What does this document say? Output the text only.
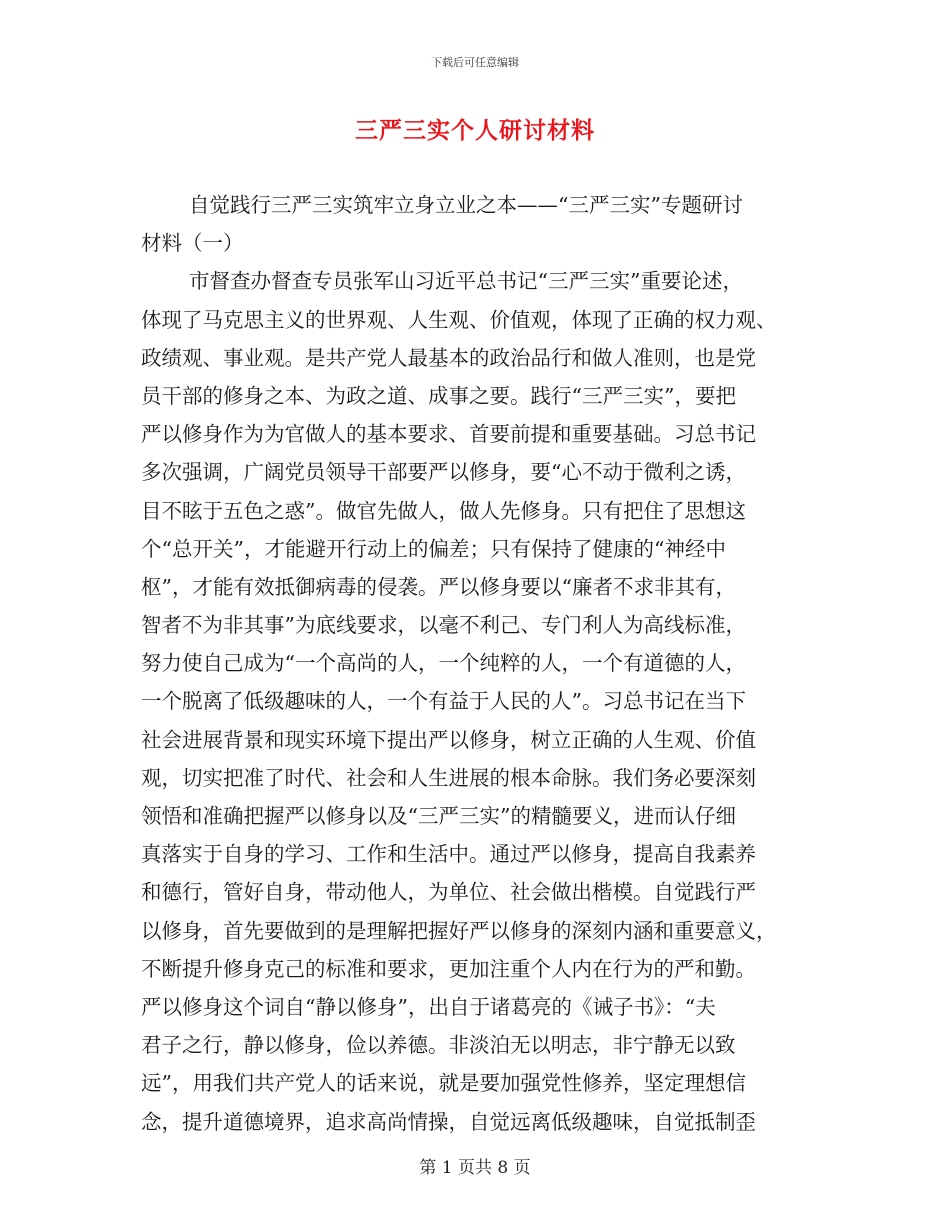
下载后可任意编辑
三严三实个人研讨材料
自觉践行三严三实筑牢立身立业之本——“三严三实”专题研讨
材料（一）
市督查办督查专员张军山习近平总书记“三严三实”重要论述，
体现了马克思主义的世界观、人生观、价值观，体现了正确的权力观、
政绩观、事业观。是共产党人最基本的政治品行和做人准则，也是党
员干部的修身之本、为政之道、成事之要。践行“三严三实”，要把
严以修身作为为官做人的基本要求、首要前提和重要基础。习总书记
多次强调，广阔党员领导干部要严以修身，要“心不动于微利之诱，
目不眩于五色之惑”。做官先做人，做人先修身。只有把住了思想这
个“总开关”，才能避开行动上的偏差；只有保持了健康的“神经中
枢”，才能有效抵御病毒的侵袭。严以修身要以“廉者不求非其有，
智者不为非其事”为底线要求，以毫不利己、专门利人为高线标准，
努力使自己成为“一个高尚的人，一个纯粹的人，一个有道德的人，
一个脱离了低级趣味的人，一个有益于人民的人”。习总书记在当下
社会进展背景和现实环境下提出严以修身，树立正确的人生观、价值
观，切实把准了时代、社会和人生进展的根本命脉。我们务必要深刻
领悟和准确把握严以修身以及“三严三实”的精髓要义，进而认仔细
真落实于自身的学习、工作和生活中。通过严以修身，提高自我素养
和德行，管好自身，带动他人，为单位、社会做出楷模。自觉践行严
以修身，首先要做到的是理解把握好严以修身的深刻内涵和重要意义，
不断提升修身克己的标准和要求，更加注重个人内在行为的严和勤。
严以修身这个词自“静以修身”，出自于诸葛亮的《诫子书》：“夫
君子之行，静以修身，俭以养德。非淡泊无以明志，非宁静无以致
远”，用我们共产党人的话来说，就是要加强党性修养，坚定理想信
念，提升道德境界，追求高尚情操，自觉远离低级趣味，自觉抵制歪
第 1 页共 8 页
